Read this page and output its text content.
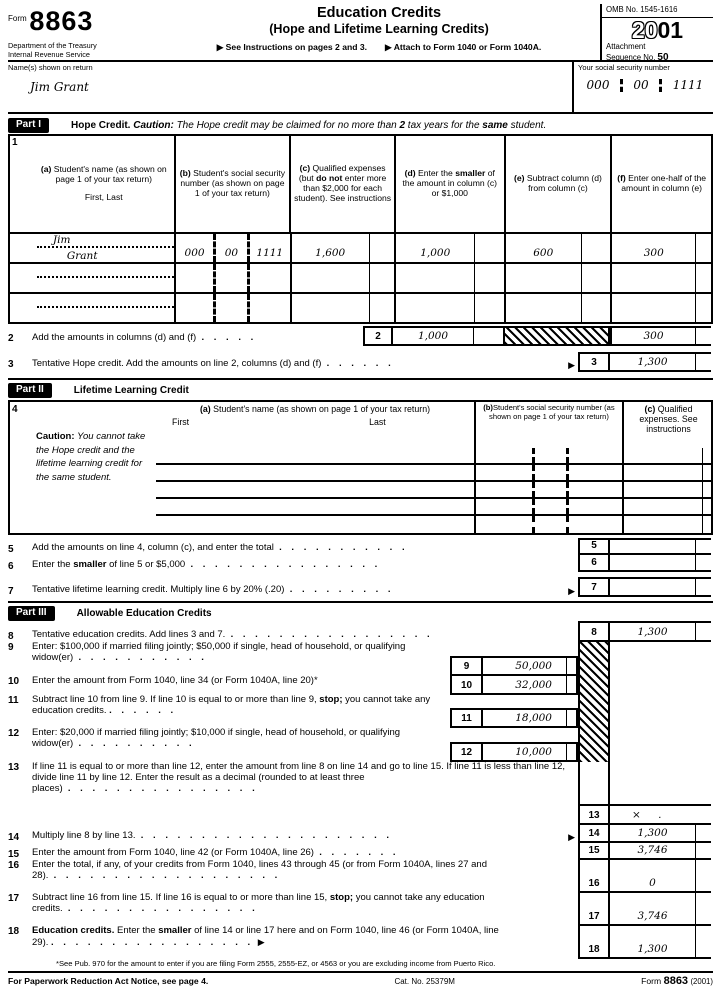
Form 8863
Department of the Treasury
Internal Revenue Service
Education Credits
(Hope and Lifetime Learning Credits)
▶ See Instructions on pages 2 and 3. ▶ Attach to Form 1040 or Form 1040A.
OMB No. 1545-1616
2001
Attachment
Sequence No. 50
Name(s) shown on return
Jim Grant
Your social security number
000	00	1111
Part I	Hope Credit. Caution: The Hope credit may be claimed for no more than 2 tax years for the same student.
1
(a) Student's name (as shown on page 1 of your tax return)
First, Last
(b) Student's social security number (as shown on page 1 of your tax return)
(c) Qualified expenses (but do not enter more than $2,000 for each student). See instructions
(d) Enter the smaller of the amount in column (c) or $1,000
(e) Subtract column (d) from column (c)
(f) Enter one-half of the amount in column (e)
Jim
Grant	000	00	1111	1,600	1,000	600	300
2	Add the amounts in columns (d) and (f)
. . . . .	2	1,000	300
3	Tentative Hope credit. Add the amounts on line 2, columns (d) and (f)
. . . . . .	▶	3	1,300
Part II	Lifetime Learning Credit
4
Caution: You cannot take the Hope credit and the lifetime learning credit for the same student.
(a) Student's name (as shown on page 1 of your tax return)
First	Last
(b)Student's social security number (as shown on page 1 of your tax return)
(c) Qualified expenses. See instructions
5	Add the amounts on line 4, column (c), and enter the total
. . . . . . . . . . .	5
6	Enter the smaller of line 5 or $5,000
. . . . . . . . . . . . . . . .	6
7	Tentative lifetime learning credit. Multiply line 6 by 20% (.20)
. . . . . . . . .	▶	7
Part III	Allowable Education Credits
8	Tentative education credits. Add lines 3 and 7.
. . . . . . . . . . . . . . . . .
9	Enter: $100,000 if married filing jointly; $50,000 if single, head of household, or qualifying widow(er) . . . . . . . . . . .
9	50,000
10	Enter the amount from Form 1040, line 34 (or Form 1040A, line 20)*	10	32,000
11	Subtract line 10 from line 9. If line 10 is equal to or more than line 9, stop; you cannot take any education credits. . . . . . .
11	18,000
12	Enter: $20,000 if married filing jointly; $10,000 if single, head of household, or qualifying widow(er) . . . . . . . . . .
12	10,000
13	If line 11 is equal to or more than line 12, enter the amount from line 8 on line 14 and go to line 15. If line 11 is less than line 12, divide line 11 by line 12. Enter the result as a decimal (rounded to at least three places) . . . . . . . . . . . . . . . .
14	Multiply line 8 by line 13.
. . . . . . . . . . . . . . . . . . . . .	▶
15	Enter the amount from Form 1040, line 42 (or Form 1040A, line 26)
. . . . . . .
16	Enter the total, if any, of your credits from Form 1040, lines 43 through 45 (or from Form 1040A, lines 27 and 28). . . . . . . . . . . . . . . . . . . .
17	Subtract line 16 from line 15. If line 16 is equal to or more than line 15, stop; you cannot take any education credits. . . . . . . . . . . . . . . . .
18	Education credits. Enter the smaller of line 14 or line 17 here and on Form 1040, line 46 (or Form 1040A, line 29). . . . . . . . . . . . . . . . . . ▶
8	1,300
13	× .
14	1,300
15	3,746
16	0
17	3,746
18	1,300
*See Pub. 970 for the amount to enter if you are filing Form 2555, 2555-EZ, or 4563 or you are excluding income from Puerto Rico.
For Paperwork Reduction Act Notice, see page 4.	Cat. No. 25379M	Form 8863 (2001)
